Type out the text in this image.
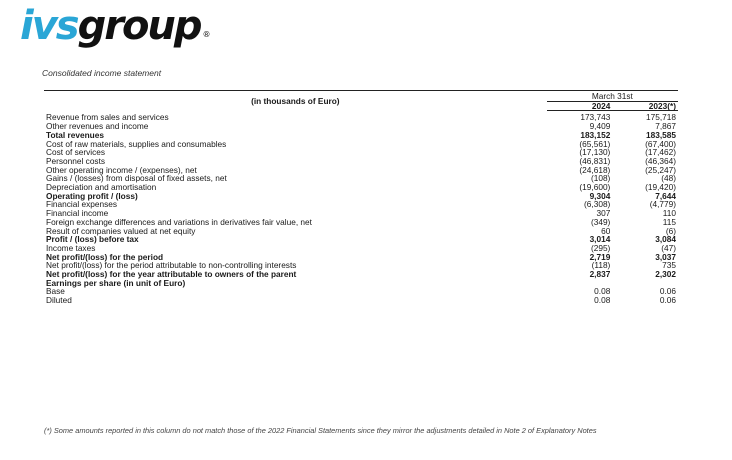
ivsgroup ®
Consolidated income statement

(in thousands of Euro)	March 31st	
	2024	2023(*)
Revenue from sales and services	173,743	175,718
Other revenues and income	9,409	7,867
Total revenues	183,152	183,585
Cost of raw materials, supplies and consumables	(65,561)	(67,400)
Cost of services	(17,130)	(17,462)
Personnel costs	(46,831)	(46,364)
Other operating income / (expenses), net	(24,618)	(25,247)
Gains / (losses) from disposal of fixed assets, net	(108)	(48)
Depreciation and amortisation	(19,600)	(19,420)
Operating profit / (loss)	9,304	7,644
Financial expenses	(6,308)	(4,779)
Financial income	307	110
Foreign exchange differences and variations in derivatives fair value, net	(349)	115
Result of companies valued at net equity	60	(6)
Profit / (loss) before tax	3,014	3,084
Income taxes	(295)	(47)
Net profit/(loss) for the period	2,719	3,037
Net profit/(loss) for the period attributable to non-controlling interests	(118)	735
Net profit/(loss) for the year attributable to owners of the parent	2,837	2,302
Earnings per share (in unit of Euro)		
Base	0.08	0.06
Diluted	0.08	0.06
(*) Some amounts reported in this column do not match those of the 2022 Financial Statements since they mirror the adjustments detailed in Note 2 of Explanatory Notes
